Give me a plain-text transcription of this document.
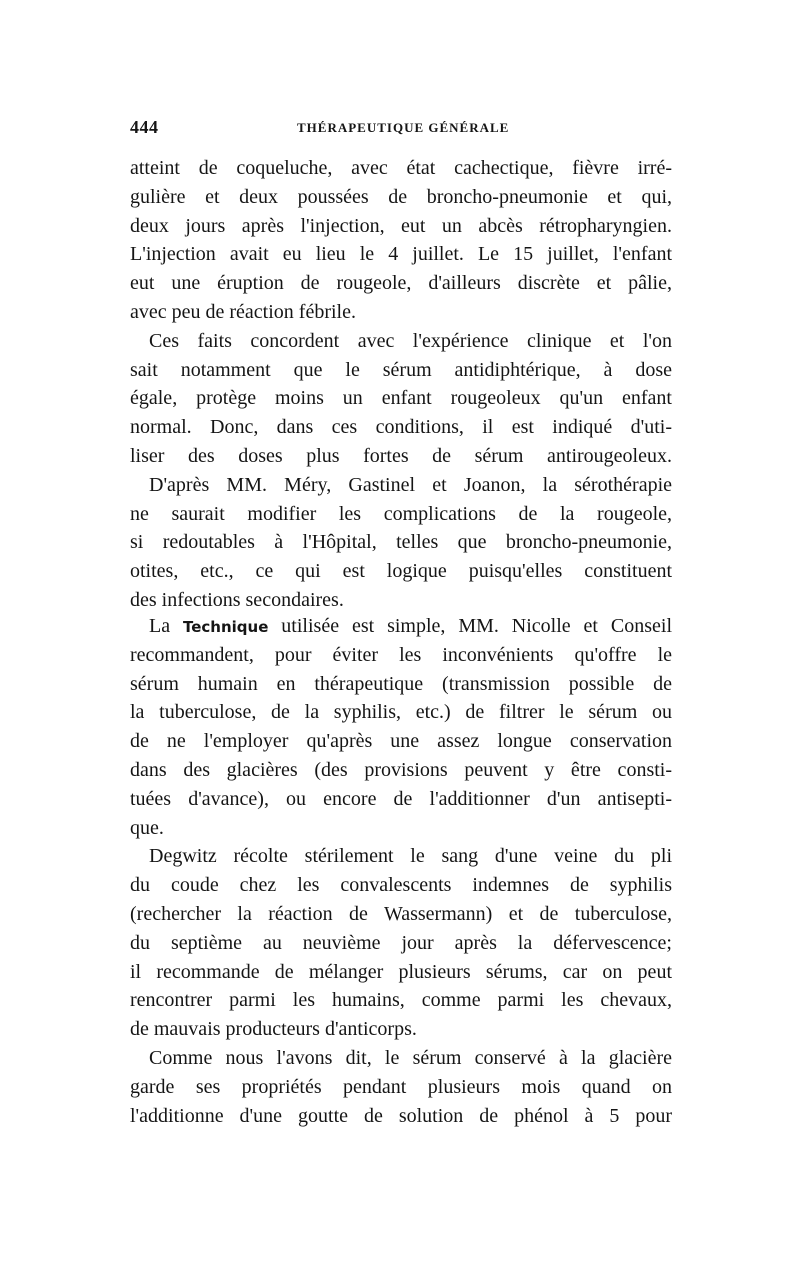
444	THÉRAPEUTIQUE GÉNÉRALE
atteint de coqueluche, avec état cachectique, fièvre irré-
gulière et deux poussées de broncho-pneumonie et qui,
deux jours après l'injection, eut un abcès rétropharyngien.
L'injection avait eu lieu le 4 juillet. Le 15 juillet, l'enfant
eut une éruption de rougeole, d'ailleurs discrète et pâlie,
avec peu de réaction fébrile.
Ces faits concordent avec l'expérience clinique et l'on
sait notamment que le sérum antidiphtérique, à dose
égale, protège moins un enfant rougeoleux qu'un enfant
normal. Donc, dans ces conditions, il est indiqué d'uti-
liser des doses plus fortes de sérum antirougeoleux.
D'après MM. Méry, Gastinel et Joanon, la sérothérapie
ne saurait modifier les complications de la rougeole,
si redoutables à l'Hôpital, telles que broncho-pneumonie,
otites, etc., ce qui est logique puisqu'elles constituent
des infections secondaires.
La Technique utilisée est simple, MM. Nicolle et Conseil
recommandent, pour éviter les inconvénients qu'offre le
sérum humain en thérapeutique (transmission possible de
la tuberculose, de la syphilis, etc.) de filtrer le sérum ou
de ne l'employer qu'après une assez longue conservation
dans des glacières (des provisions peuvent y être consti-
tuées d'avance), ou encore de l'additionner d'un antisepti-
que.
Degwitz récolte stérilement le sang d'une veine du pli
du coude chez les convalescents indemnes de syphilis
(rechercher la réaction de Wassermann) et de tuberculose,
du septième au neuvième jour après la défervescence;
il recommande de mélanger plusieurs sérums, car on peut
rencontrer parmi les humains, comme parmi les chevaux,
de mauvais producteurs d'anticorps.
Comme nous l'avons dit, le sérum conservé à la glacière
garde ses propriétés pendant plusieurs mois quand on
l'additionne d'une goutte de solution de phénol à 5 pour
